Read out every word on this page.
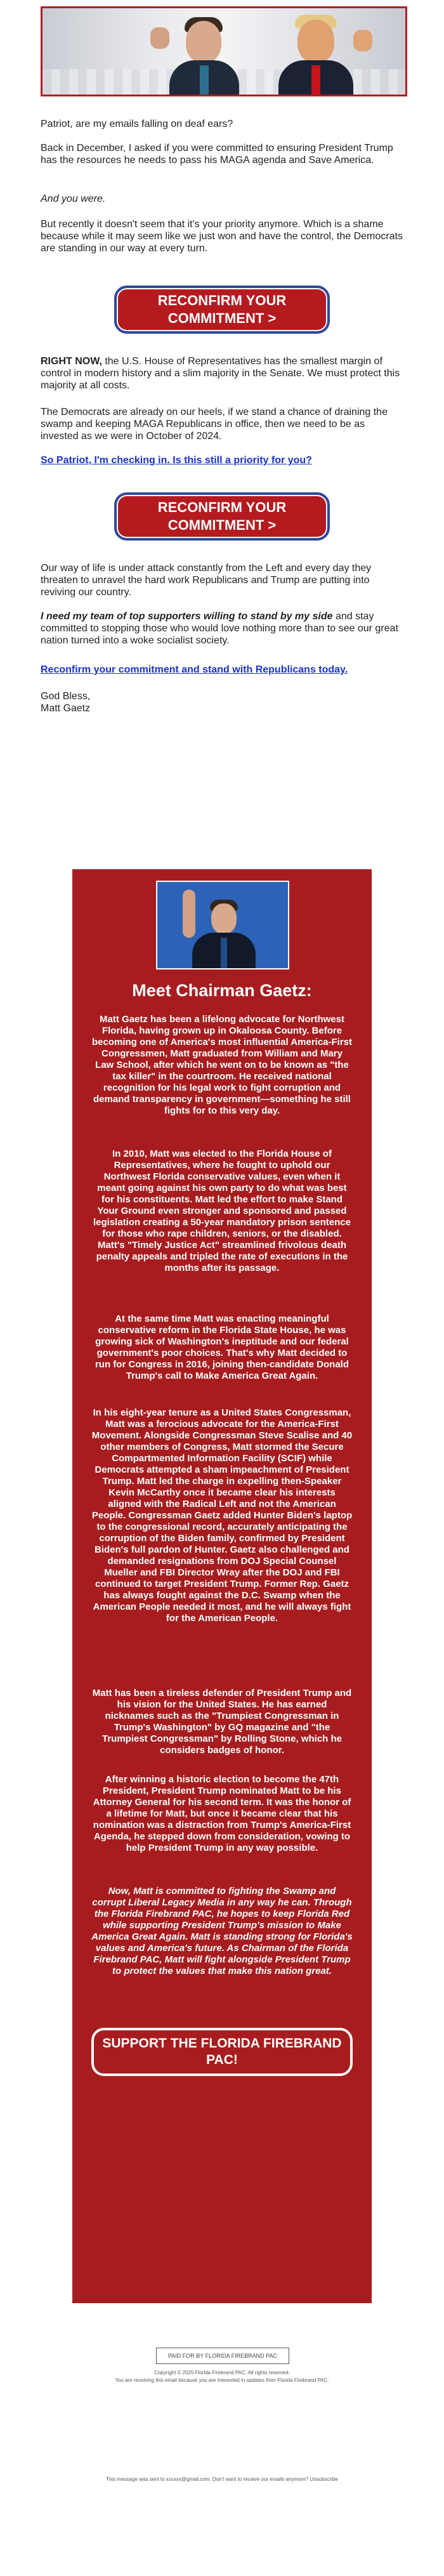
Patriot, are my emails falling on deaf ears?

Back in December, I asked if you were committed to ensuring President Trump has the resources he needs to pass his MAGA agenda and Save America.

And you were.

But recently it doesn't seem that it's your priority anymore. Which is a shame because while it may seem like we just won and have the control, the Democrats are standing in our way at every turn.

RECONFIRM YOUR COMMITMENT >

RIGHT NOW, the U.S. House of Representatives has the smallest margin of control in modern history and a slim majority in the Senate. We must protect this majority at all costs.

The Democrats are already on our heels, if we stand a chance of draining the swamp and keeping MAGA Republicans in office, then we need to be as invested as we were in October of 2024.

So Patriot, I'm checking in. Is this still a priority for you?
RECONFIRM YOUR COMMITMENT >

Our way of life is under attack constantly from the Left and every day they threaten to unravel the hard work Republicans and Trump are putting into reviving our country.

I need my team of top supporters willing to stand by my side and stay committed to stopping those who would love nothing more than to see our great nation turned into a woke socialist society.

Reconfirm your commitment and stand with Republicans today.

God Bless,

Matt Gaetz

Meet Chairman Gaetz:
Matt Gaetz has been a lifelong advocate for Northwest Florida, having grown up in Okaloosa County. Before becoming one of America's most influential America-First Congressmen, Matt graduated from William and Mary Law School, after which he went on to be known as "the tax killer" in the courtroom. He received national recognition for his legal work to fight corruption and demand transparency in government—something he still fights for to this very day.
In 2010, Matt was elected to the Florida House of Representatives, where he fought to uphold our Northwest Florida conservative values, even when it meant going against his own party to do what was best for his constituents. Matt led the effort to make Stand Your Ground even stronger and sponsored and passed legislation creating a 50-year mandatory prison sentence for those who rape children, seniors, or the disabled. Matt's "Timely Justice Act" streamlined frivolous death penalty appeals and tripled the rate of executions in the months after its passage.
At the same time Matt was enacting meaningful conservative reform in the Florida State House, he was growing sick of Washington's ineptitude and our federal government's poor choices. That's why Matt decided to run for Congress in 2016, joining then-candidate Donald Trump's call to Make America Great Again.
In his eight-year tenure as a United States Congressman, Matt was a ferocious advocate for the America-First Movement. Alongside Congressman Steve Scalise and 40 other members of Congress, Matt stormed the Secure Compartmented Information Facility (SCIF) while Democrats attempted a sham impeachment of President Trump. Matt led the charge in expelling then-Speaker Kevin McCarthy once it became clear his interests aligned with the Radical Left and not the American People. Congressman Gaetz added Hunter Biden's laptop to the congressional record, accurately anticipating the corruption of the Biden family, confirmed by President Biden's full pardon of Hunter. Gaetz also challenged and demanded resignations from DOJ Special Counsel Mueller and FBI Director Wray after the DOJ and FBI continued to target President Trump. Former Rep. Gaetz has always fought against the D.C. Swamp when the American People needed it most, and he will always fight for the American People.
Matt has been a tireless defender of President Trump and his vision for the United States. He has earned nicknames such as the "Trumpiest Congressman in Trump's Washington" by GQ magazine and "the Trumpiest Congressman" by Rolling Stone, which he considers badges of honor.
After winning a historic election to become the 47th President, President Trump nominated Matt to be his Attorney General for his second term. It was the honor of a lifetime for Matt, but once it became clear that his nomination was a distraction from Trump's America-First Agenda, he stepped down from consideration, vowing to help President Trump in any way possible.
Now, Matt is committed to fighting the Swamp and corrupt Liberal Legacy Media in any way he can. Through the Florida Firebrand PAC, he hopes to keep Florida Red while supporting President Trump's mission to Make America Great Again. Matt is standing strong for Florida's values and America's future. As Chairman of the Florida Firebrand PAC, Matt will fight alongside President Trump to protect the values that make this nation great.
SUPPORT THE FLORIDA FIREBRAND PAC!
PAID FOR BY FLORIDA FIREBRAND PAC
Copyright © 2025 Florida Firebrand PAC. All rights reserved.
You are receiving this email because you are interested in updates from Florida Firebrand PAC.
This message was sent to xxxxxx@gmail.com. Don't want to receive our emails anymore? Unsubscribe
